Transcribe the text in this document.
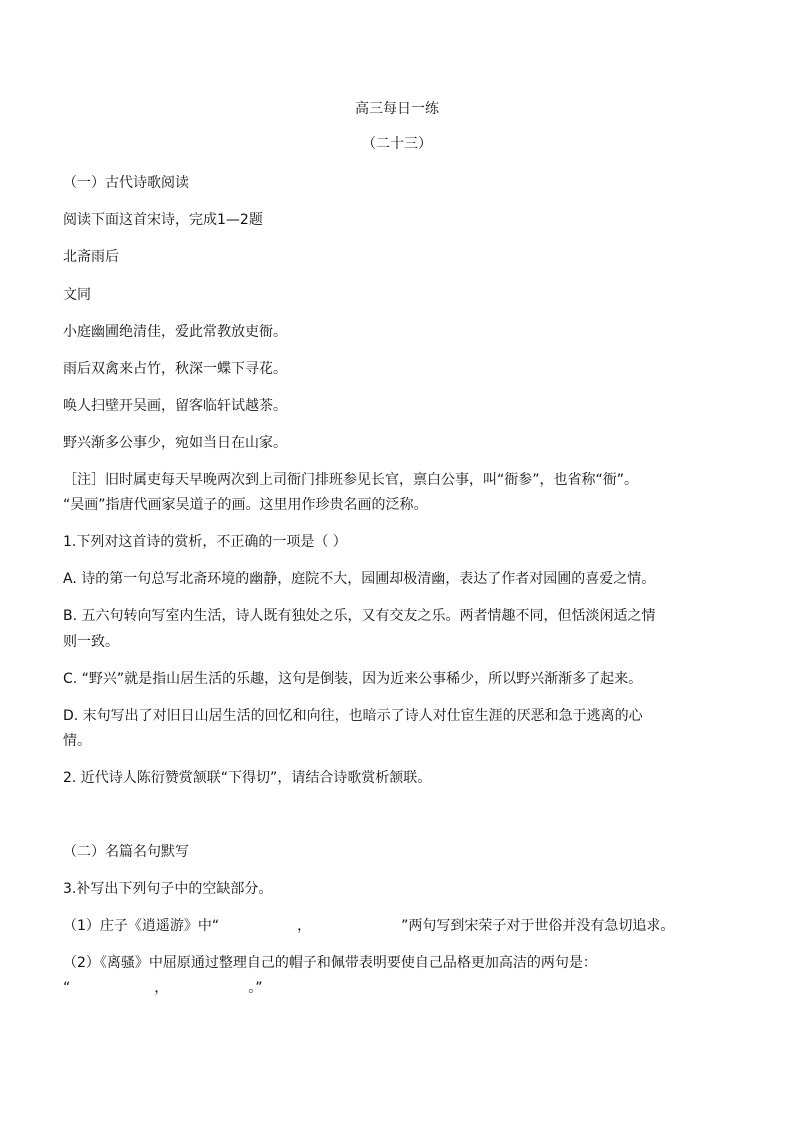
高三每日一练
（二十三）
（一）古代诗歌阅读
阅读下面这首宋诗，完成1—2题
北斋雨后
文同
小庭幽圃绝清佳，爱此常教放吏衙。
雨后双禽来占竹，秋深一蝶下寻花。
唤人扫壁开吴画，留客临轩试越茶。
野兴渐多公事少，宛如当日在山家。
［注］旧时属吏每天早晚两次到上司衙门排班参见长官，禀白公事，叫“衙参”，也省称“衙”。
“吴画”指唐代画家吴道子的画。这里用作珍贵名画的泛称。
1.下列对这首诗的赏析，不正确的一项是（ ）
A. 诗的第一句总写北斋环境的幽静，庭院不大，园圃却极清幽，表达了作者对园圃的喜爱之情。
B. 五六句转向写室内生活，诗人既有独处之乐，又有交友之乐。两者情趣不同，但恬淡闲适之情
则一致。
C. “野兴”就是指山居生活的乐趣，这句是倒装，因为近来公事稀少，所以野兴渐渐多了起来。
D. 末句写出了对旧日山居生活的回忆和向往，也暗示了诗人对仕宦生涯的厌恶和急于逃离的心
情。
2. 近代诗人陈衍赞赏颔联“下得切”，请结合诗歌赏析颔联。
（二）名篇名句默写
3.补写出下列句子中的空缺部分。
（1）庄子《逍遥游》中“	，	”两句写到宋荣子对于世俗并没有急切追求。
（2）《离骚》中屈原通过整理自己的帽子和佩带表明要使自己品格更加高洁的两句是：
“	，	。”
